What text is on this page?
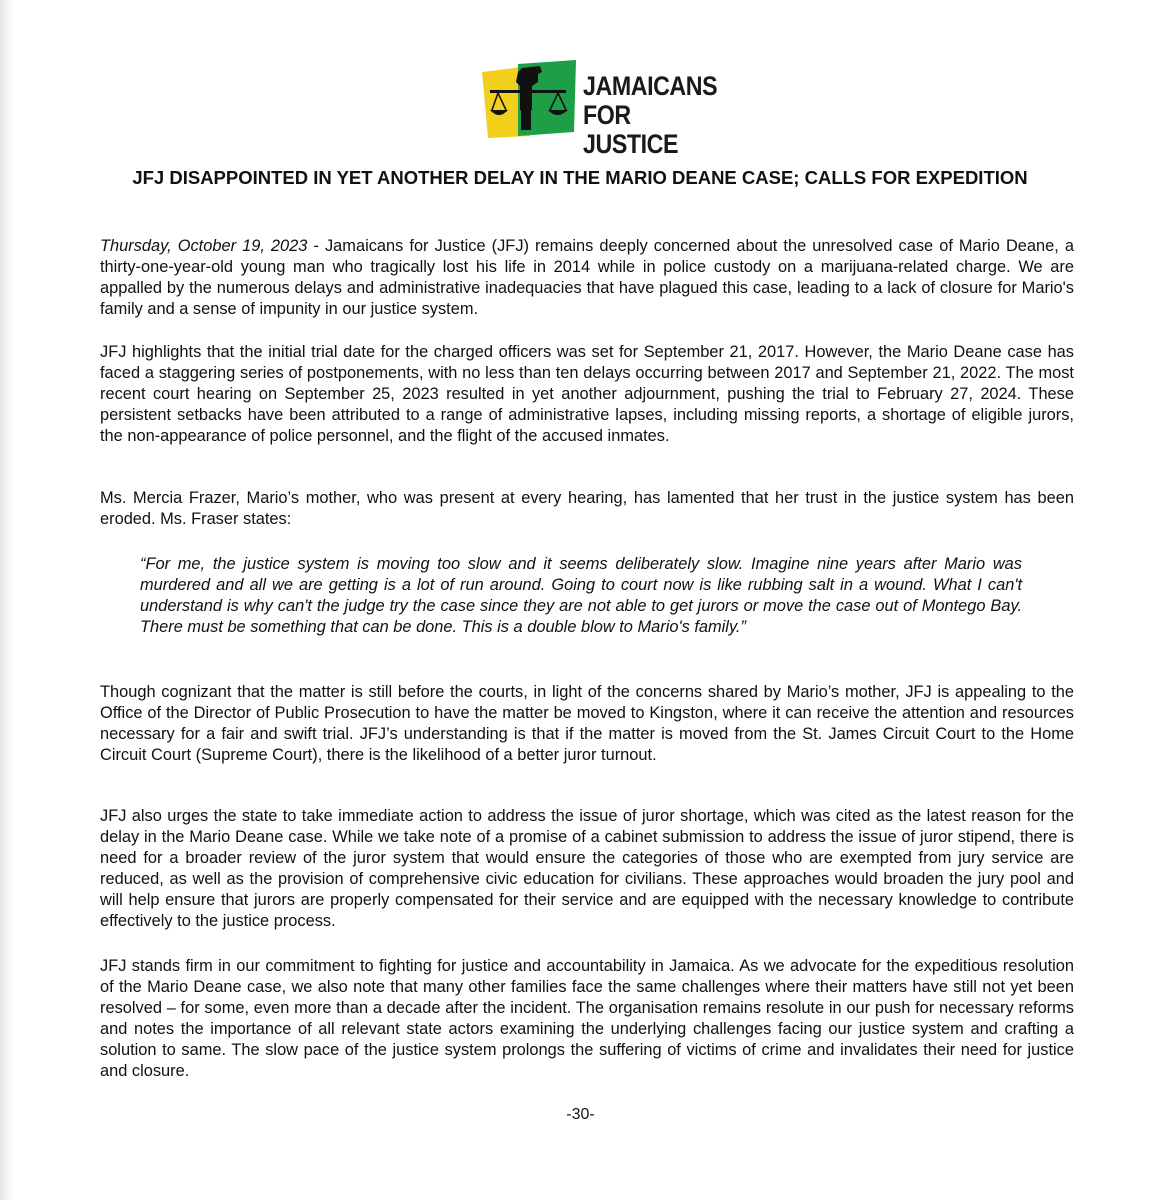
JAMAICANS
FOR JUSTICE
JFJ DISAPPOINTED IN YET ANOTHER DELAY IN THE MARIO DEANE CASE; CALLS FOR EXPEDITION

Thursday, October 19, 2023 - Jamaicans for Justice (JFJ) remains deeply concerned about the unresolved case of Mario Deane, a thirty-one-year-old young man who tragically lost his life in 2014 while in police custody on a marijuana-related charge. We are appalled by the numerous delays and administrative inadequacies that have plagued this case, leading to a lack of closure for Mario's family and a sense of impunity in our justice system.

JFJ highlights that the initial trial date for the charged officers was set for September 21, 2017. However, the Mario Deane case has faced a staggering series of postponements, with no less than ten delays occurring between 2017 and September 21, 2022. The most recent court hearing on September 25, 2023 resulted in yet another adjournment, pushing the trial to February 27, 2024. These persistent setbacks have been attributed to a range of administrative lapses, including missing reports, a shortage of eligible jurors, the non-appearance of police personnel, and the flight of the accused inmates.

Ms. Mercia Frazer, Mario’s mother, who was present at every hearing, has lamented that her trust in the justice system has been eroded. Ms. Fraser states:

“For me, the justice system is moving too slow and it seems deliberately slow. Imagine nine years after Mario was murdered and all we are getting is a lot of run around. Going to court now is like rubbing salt in a wound. What I can't understand is why can't the judge try the case since they are not able to get jurors or move the case out of Montego Bay. There must be something that can be done. This is a double blow to Mario's family.”

Though cognizant that the matter is still before the courts, in light of the concerns shared by Mario’s mother, JFJ is appealing to the Office of the Director of Public Prosecution to have the matter be moved to Kingston, where it can receive the attention and resources necessary for a fair and swift trial. JFJ’s understanding is that if the matter is moved from the St. James Circuit Court to the Home Circuit Court (Supreme Court), there is the likelihood of a better juror turnout.

JFJ also urges the state to take immediate action to address the issue of juror shortage, which was cited as the latest reason for the delay in the Mario Deane case. While we take note of a promise of a cabinet submission to address the issue of juror stipend, there is need for a broader review of the juror system that would ensure the categories of those who are exempted from jury service are reduced, as well as the provision of comprehensive civic education for civilians. These approaches would broaden the jury pool and will help ensure that jurors are properly compensated for their service and are equipped with the necessary knowledge to contribute effectively to the justice process.

JFJ stands firm in our commitment to fighting for justice and accountability in Jamaica. As we advocate for the expeditious resolution of the Mario Deane case, we also note that many other families face the same challenges where their matters have still not yet been resolved – for some, even more than a decade after the incident. The organisation remains resolute in our push for necessary reforms and notes the importance of all relevant state actors examining the underlying challenges facing our justice system and crafting a solution to same. The slow pace of the justice system prolongs the suffering of victims of crime and invalidates their need for justice and closure.

-30-
